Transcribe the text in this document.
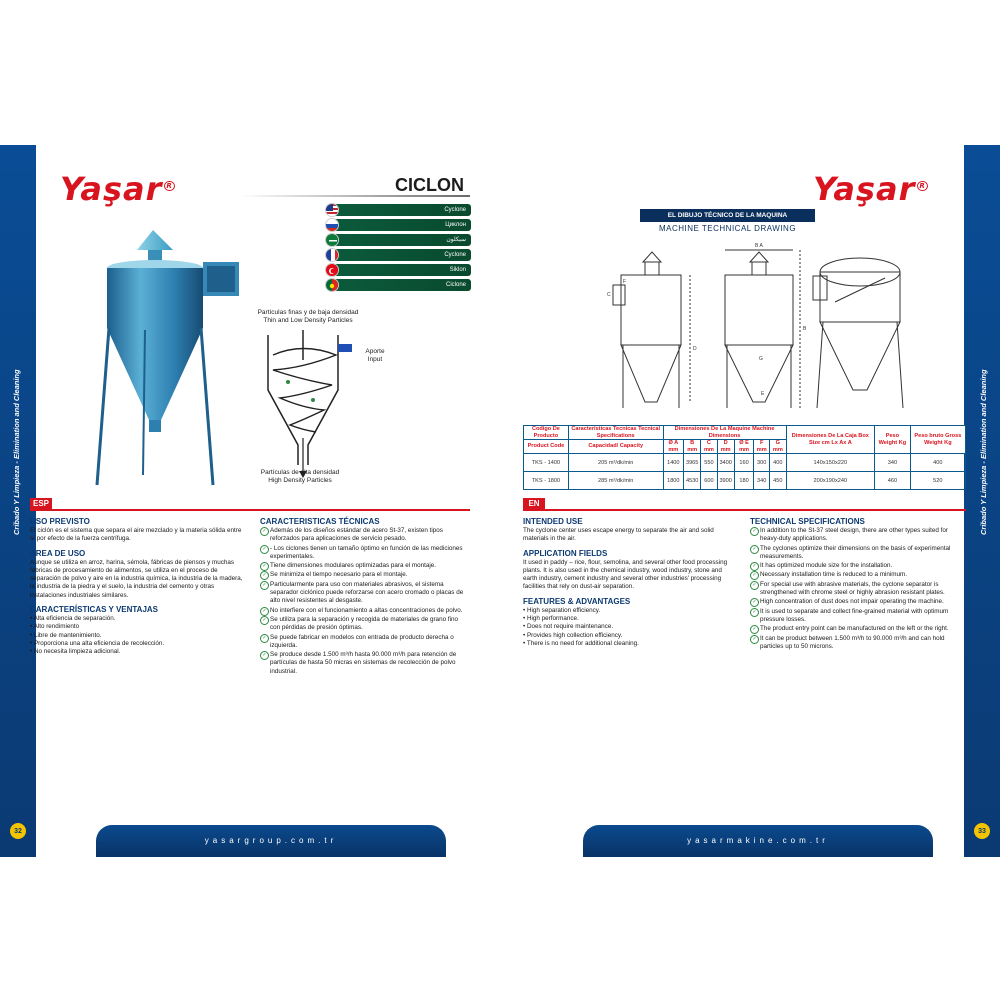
Cribado Y Limpieza - Elimination and Cleaning
32
Yaşar $^R$	CICLON
Cyclone
Циклон
سيكلون
Cyclone
Siklon
Ciclone
Partículas finas y de baja densidad
Thin and Low Density Particles
Aporte
Input
Partículas de alta densidad
High Density Particles
ESP
USO PREVISTO

El ciclón es el sistema que separa el aire mezclado y la materia sólida entre sí por efecto de la fuerza centrífuga.

AREA DE USO

Aunque se utiliza en arroz, harina, sémola, fábricas de piensos y muchas fábricas de procesamiento de alimentos, se utiliza en el proceso de separación de polvo y aire en la industria química, la industria de la madera, la industria de la piedra y el suelo, la industria del cemento y otras instalaciones industriales similares.

CARACTERÍSTICAS Y VENTAJAS
• Alta eficiencia de separación.
• Alto rendimiento
• Libre de mantenimiento.
• Proporciona una alta eficiencia de recolección.
• No necesita limpieza adicional.
CARACTERISTICAS TÉCNICAS
✓ Además de los diseños estándar de acero St-37, existen tipos reforzados para aplicaciones de servicio pesado.
✓ - Los ciclones tienen un tamaño óptimo en función de las mediciones experimentales.
✓ Tiene dimensiones modulares optimizadas para el montaje.
✓ Se minimiza el tiempo necesario para el montaje.
✓ Particularmente para uso con materiales abrasivos, el sistema separador ciclónico puede reforzarse con acero cromado o placas de alto nivel resistentes al desgaste.
✓ No interfiere con el funcionamiento a altas concentraciones de polvo.
✓ Se utiliza para la separación y recogida de materiales de grano fino con pérdidas de presión óptimas.
✓ Se puede fabricar en modelos con entrada de producto derecha o izquierda.
✓ Se produce desde 1.500 m³/h hasta 90.000 m³/h para retención de partículas de hasta 50 micras en sistemas de recolección de polvo industrial.
yasargroup.com.tr
Cribado Y Limpieza - Elimination and Cleaning
33
Yaşar $^R$
EL DIBUJO TÉCNICO DE LA MAQUINA
MACHINE TECHNICAL DRAWING
B A
F
C
D
B
E
G
Codigo De Producto	Caracteristicas Tecnicas Tecnical Specifications	Dimensiones De La Maquine Machine Dimensions							Dimensiones De La Caja Box Size cm Lx Ax A	Peso Weight Kg	Peso bruto Gross Weight Kg
Product Code	Capacidad/ Capacity	Ø A mm	B mm	C mm	D mm	Ø E mm	F mm	G mm			
TKS - 1400	205 m³/dk/min	1400	3965	550	3400	160	300	400	140x150x220	340	400
TKS - 1800	285 m³/dk/min	1800	4530	600	3900	180	340	450	200x190x240	460	520
EN
INTENDED USE

The cyclone center uses escape energy to separate the air and solid materials in the air.

APPLICATION FIELDS

It used in paddy – rice, flour, semolina, and several other food processing plants. It is also used in the chemical industry, wood industry, stone and earth industry, cement industry and several other industries' processing facilities that rely on dust-air separation.

FEATURES & ADVANTAGES
• High separation efficiency.
• High performance.
• Does not require maintenance.
• Provides high collection efficiency.
• There is no need for additional cleaning.
TECHNICAL SPECIFICATIONS
✓ In addition to the St-37 steel design, there are other types suited for heavy-duty applications.
✓ The cyclones optimize their dimensions on the basis of experimental measurements.
✓ It has optimized module size for the installation.
✓ Necessary installation time is reduced to a minimum.
✓ For special use with abrasive materials, the cyclone separator is strengthened with chrome steel or highly abrasion resistant plates.
✓ High concentration of dust does not impair operating the machine.
✓ It is used to separate and collect fine-grained material with optimum pressure losses.
✓ The product entry point can be manufactured on the left or the right.
✓ It can be product between 1.500 m³/h to 90.000 m³/h and can hold particles up to 50 microns.
yasarmakine.com.tr
